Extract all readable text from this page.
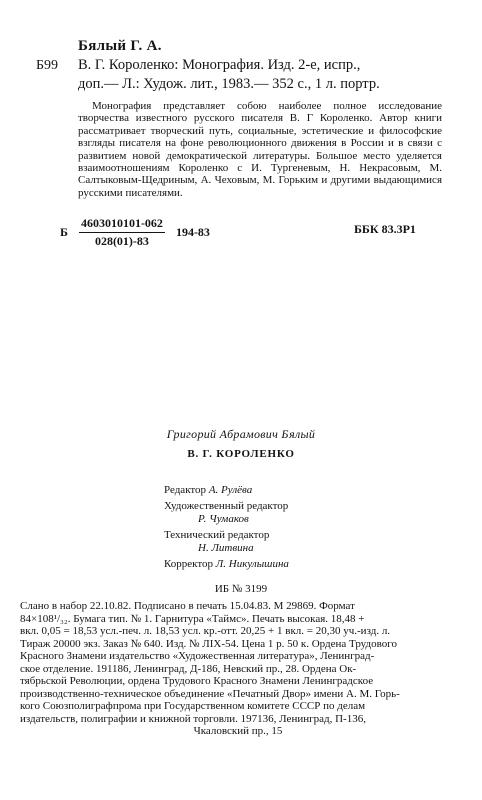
Бялый Г. А.
Б99 В. Г. Короленко: Монография. Изд. 2-е, испр.,
доп.— Л.: Худож. лит., 1983.— 352 с., 1 л. портр.
Монография представляет собою наиболее полное исследование творчества известного русского писателя В. Г Короленко. Автор книги рассматривает творческий путь, социальные, эстетические и философские взгляды писателя на фоне революционного движения в России и в связи с развитием новой демократической литературы. Большое место уделяется взаимоотношениям Короленко с И. Тургеневым, Н. Некрасовым, М. Салтыковым-Щедриным, А. Чеховым, М. Горьким и другими выдающимися русскими писателями.
Б $\frac{4603010101-062}{028(01)-83} 194-83$	ББК 83.3Р1
Григорий Абрамович Бялый
В. Г. КОРОЛЕНКО
Редактор А. Рулёва
Художественный редактор
Р. Чумаков
Технический редактор
Н. Литвина
Корректор Л. Никулышина
ИБ № 3199
Слано в набор 22.10.82. Подписано в печать 15.04.83. М 29869. Формат
84×108¹/₃₂. Бумага тип. № 1. Гарнитура «Таймс». Печать высокая. 18,48 +
вкл. 0,05 = 18,53 усл.-печ. л. 18,53 усл. кр.-отт. 20,25 + 1 вкл. = 20,30 уч.-изд. л.
Тираж 20000 экз. Заказ № 640. Изд. № ЛIX-54. Цена 1 р. 50 к. Ордена Трудового
Красного Знамени издательство «Художественная литература», Ленинград-
ское отделение. 191186, Ленинград, Д-186, Невский пр., 28. Ордена Ок-
тябрьской Революции, ордена Трудового Красного Знамени Ленинградское
производственно-техническое объединение «Печатный Двор» имени А. М. Горь-
кого Союзполиграфпрома при Государственном комитете СССР по делам
издательств, полиграфии и книжной торговли. 197136, Ленинград, П-136,
Чкаловский пр., 15
